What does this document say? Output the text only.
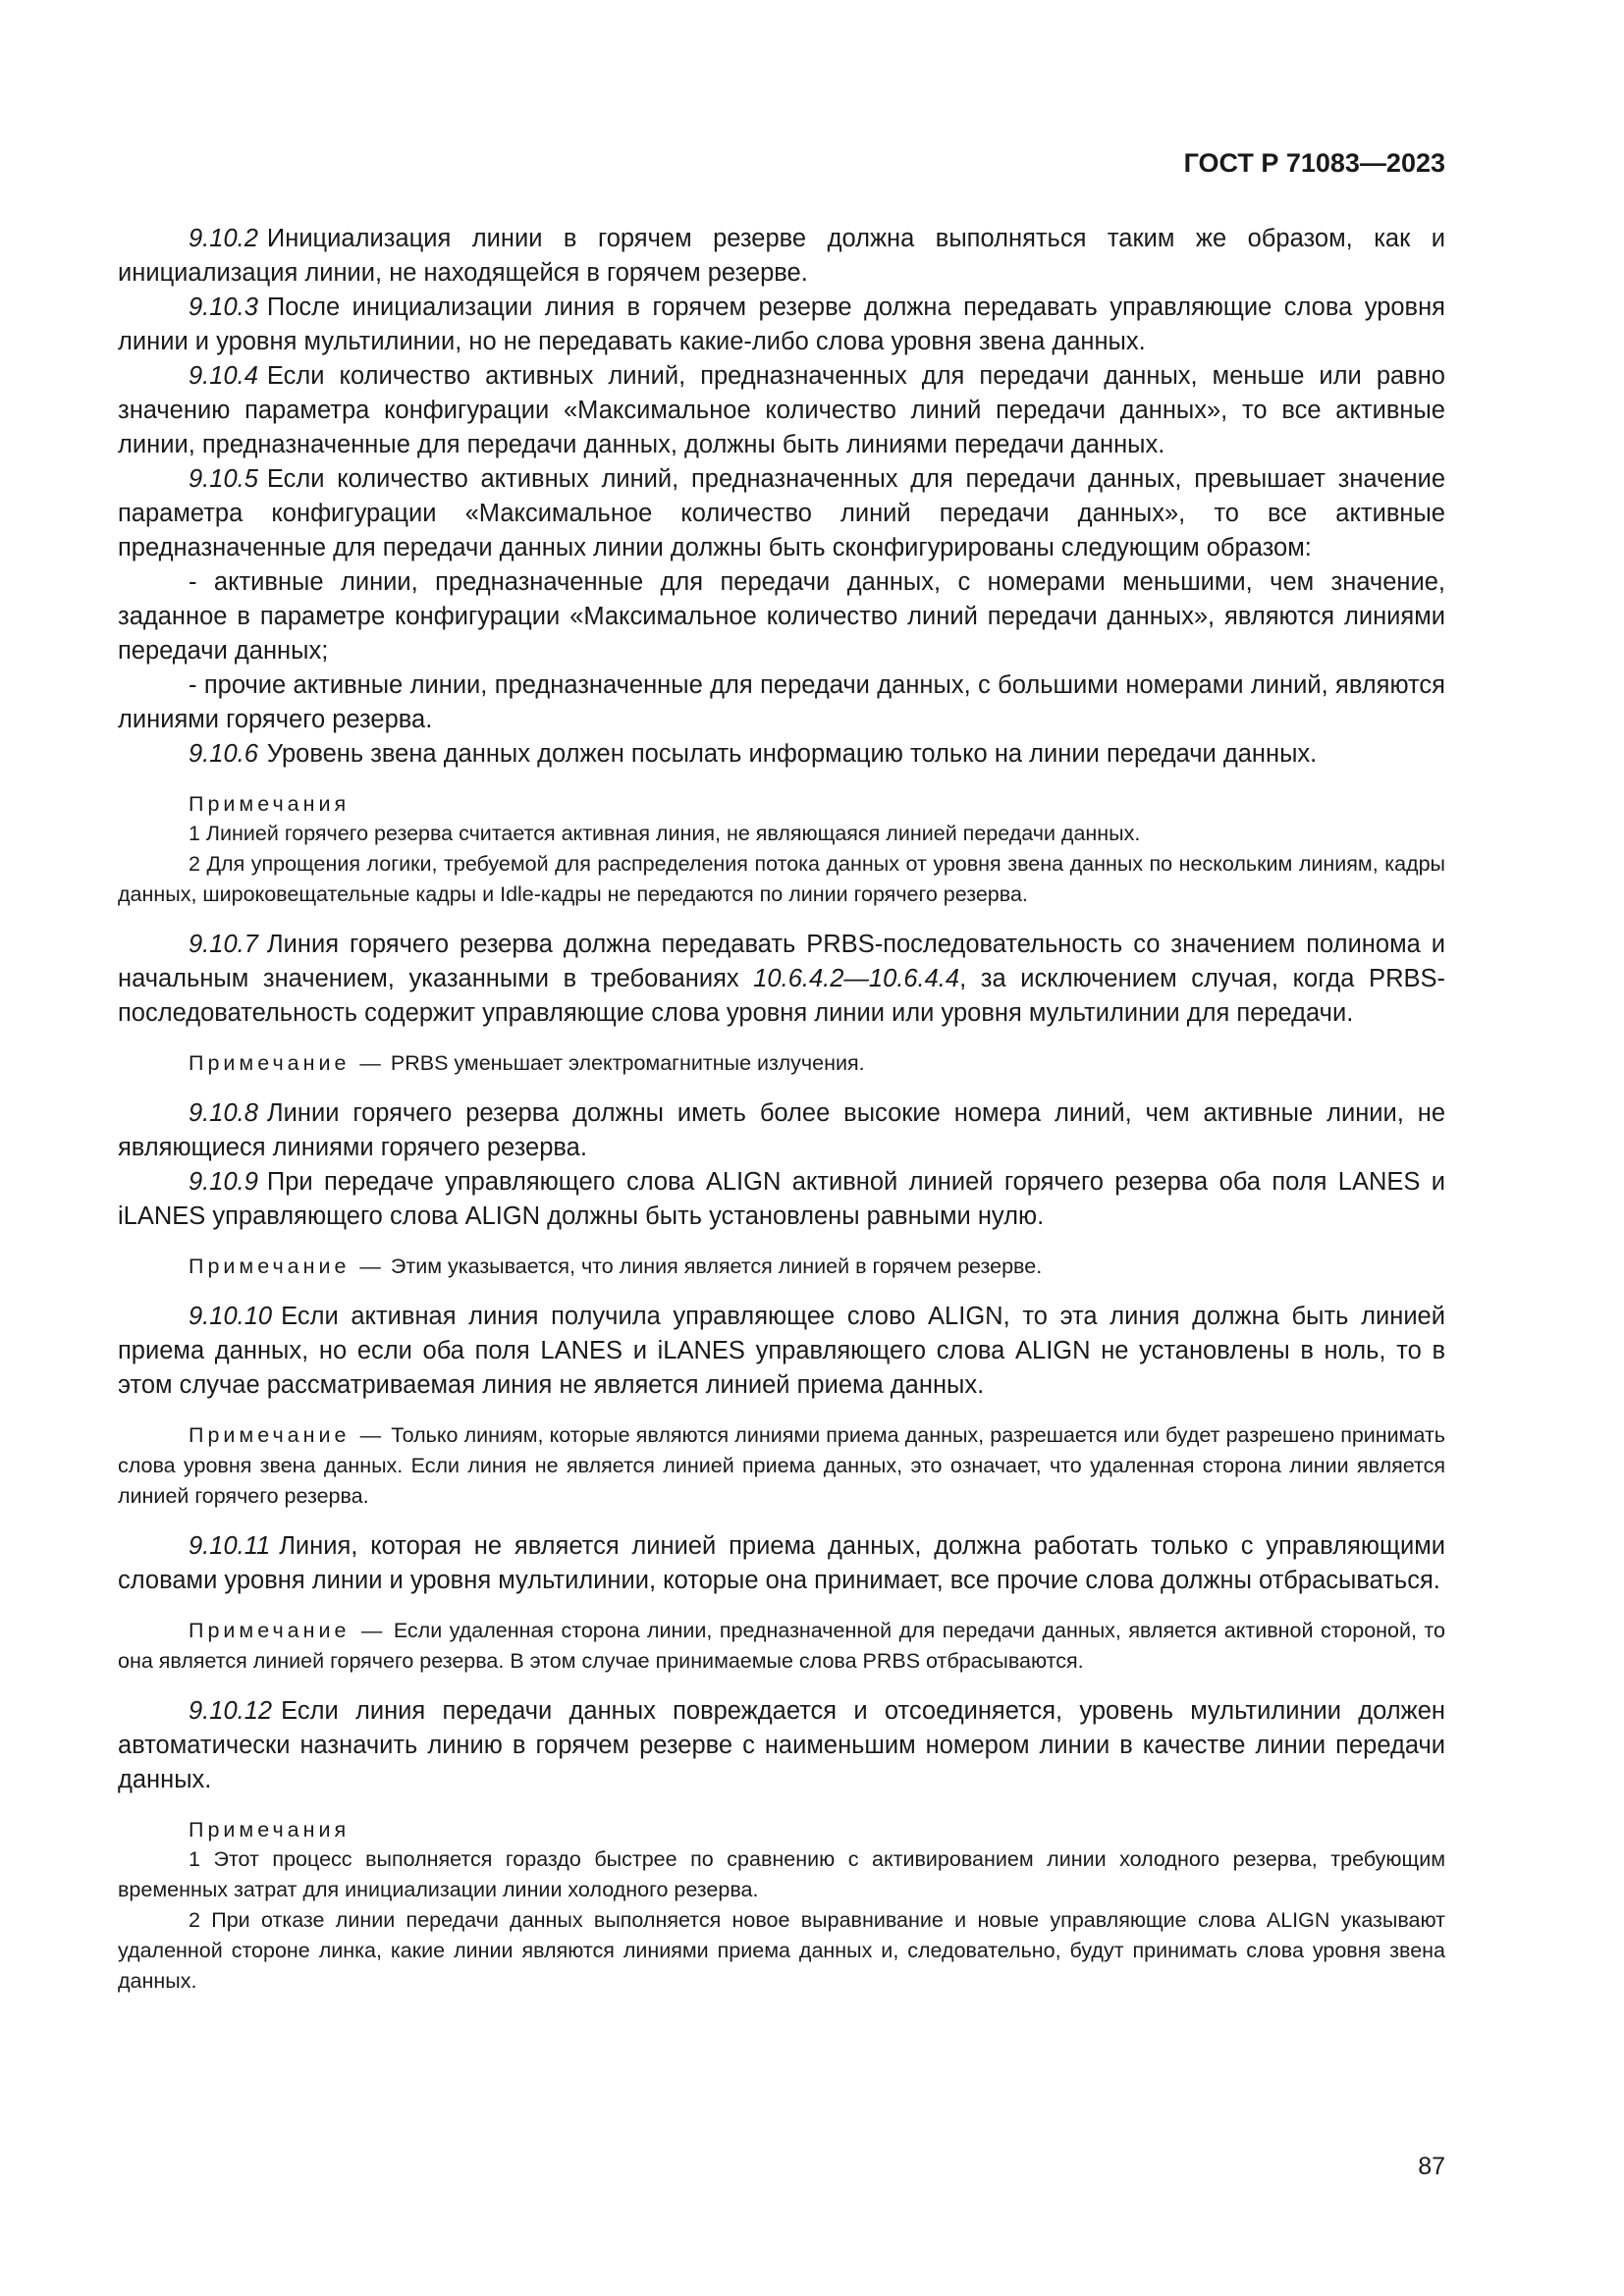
ГОСТ Р 71083—2023

9.10.2 Инициализация линии в горячем резерве должна выполняться таким же образом, как и инициализация линии, не находящейся в горячем резерве.

9.10.3 После инициализации линия в горячем резерве должна передавать управляющие слова уровня линии и уровня мультилинии, но не передавать какие-либо слова уровня звена данных.

9.10.4 Если количество активных линий, предназначенных для передачи данных, меньше или равно значению параметра конфигурации «Максимальное количество линий передачи данных», то все активные линии, предназначенные для передачи данных, должны быть линиями передачи данных.

9.10.5 Если количество активных линий, предназначенных для передачи данных, превышает значение параметра конфигурации «Максимальное количество линий передачи данных», то все активные предназначенные для передачи данных линии должны быть сконфигурированы следующим образом:

- активные линии, предназначенные для передачи данных, с номерами меньшими, чем значение, заданное в параметре конфигурации «Максимальное количество линий передачи данных», являются линиями передачи данных;

- прочие активные линии, предназначенные для передачи данных, с большими номерами линий, являются линиями горячего резерва.

9.10.6 Уровень звена данных должен посылать информацию только на линии передачи данных.

Примечания

1 Линией горячего резерва считается активная линия, не являющаяся линией передачи данных.

2 Для упрощения логики, требуемой для распределения потока данных от уровня звена данных по нескольким линиям, кадры данных, широковещательные кадры и Idle-кадры не передаются по линии горячего резерва.

9.10.7 Линия горячего резерва должна передавать PRBS-последовательность со значением полинома и начальным значением, указанными в требованиях 10.6.4.2—10.6.4.4, за исключением случая, когда PRBS-последовательность содержит управляющие слова уровня линии или уровня мультилинии для передачи.

Примечание — PRBS уменьшает электромагнитные излучения.

9.10.8 Линии горячего резерва должны иметь более высокие номера линий, чем активные линии, не являющиеся линиями горячего резерва.

9.10.9 При передаче управляющего слова ALIGN активной линией горячего резерва оба поля LANES и iLANES управляющего слова ALIGN должны быть установлены равными нулю.

Примечание — Этим указывается, что линия является линией в горячем резерве.

9.10.10 Если активная линия получила управляющее слово ALIGN, то эта линия должна быть линией приема данных, но если оба поля LANES и iLANES управляющего слова ALIGN не установлены в ноль, то в этом случае рассматриваемая линия не является линией приема данных.

Примечание — Только линиям, которые являются линиями приема данных, разрешается или будет разрешено принимать слова уровня звена данных. Если линия не является линией приема данных, это означает, что удаленная сторона линии является линией горячего резерва.

9.10.11 Линия, которая не является линией приема данных, должна работать только с управляющими словами уровня линии и уровня мультилинии, которые она принимает, все прочие слова должны отбрасываться.

Примечание — Если удаленная сторона линии, предназначенной для передачи данных, является активной стороной, то она является линией горячего резерва. В этом случае принимаемые слова PRBS отбрасываются.

9.10.12 Если линия передачи данных повреждается и отсоединяется, уровень мультилинии должен автоматически назначить линию в горячем резерве с наименьшим номером линии в качестве линии передачи данных.

Примечания

1 Этот процесс выполняется гораздо быстрее по сравнению с активированием линии холодного резерва, требующим временных затрат для инициализации линии холодного резерва.

2 При отказе линии передачи данных выполняется новое выравнивание и новые управляющие слова ALIGN указывают удаленной стороне линка, какие линии являются линиями приема данных и, следовательно, будут принимать слова уровня звена данных.

87
